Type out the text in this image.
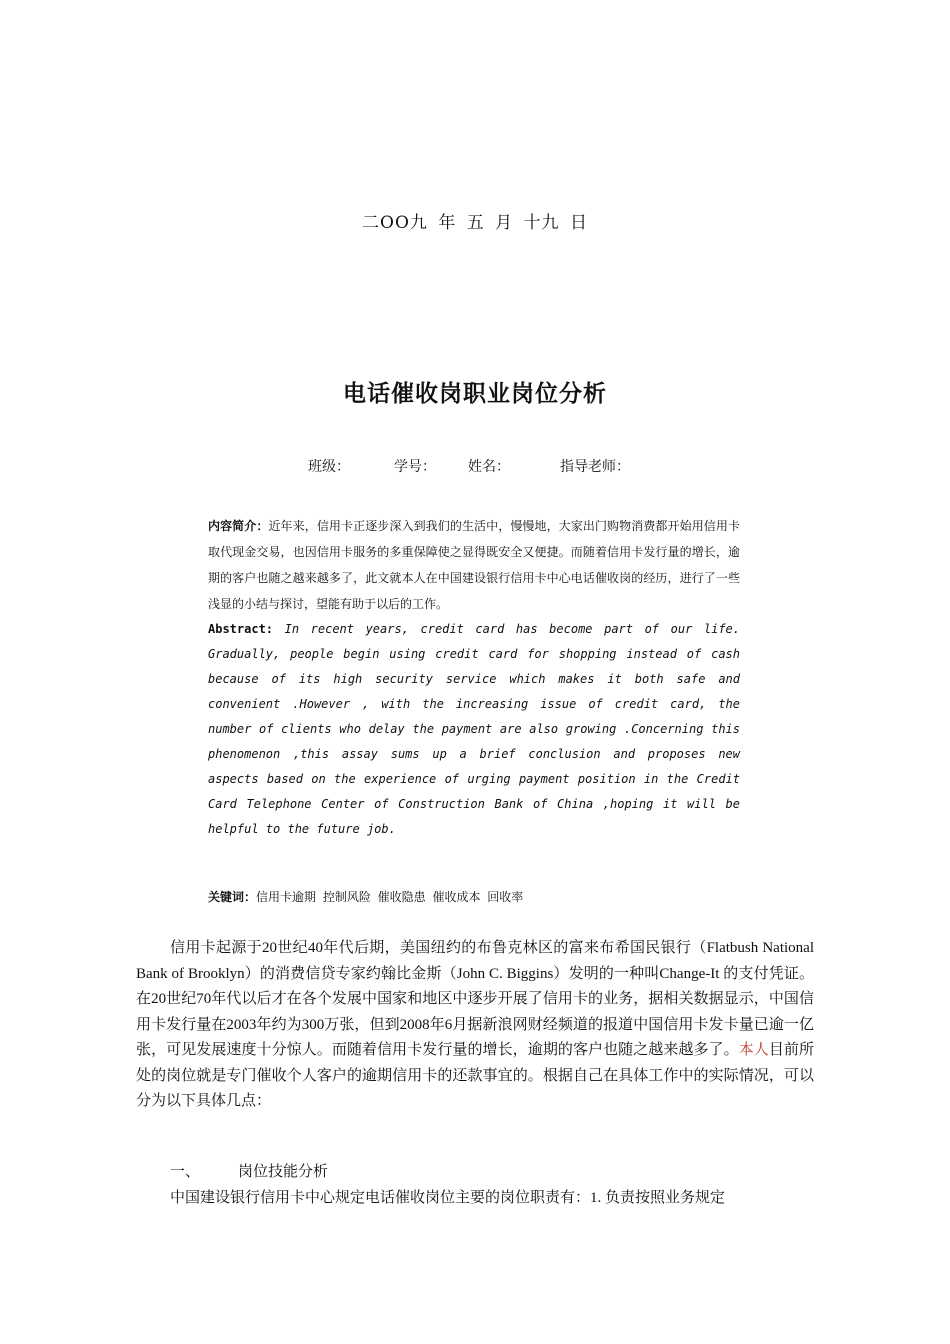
二OO九 年 五 月 十九 日
电话催收岗职业岗位分析
班级：	学号： 姓名：	指导老师：
内容简介：近年来，信用卡正逐步深入到我们的生活中，慢慢地，大家出门购物消费都开始用信用卡取代现金交易，也因信用卡服务的多重保障使之显得既安全又便捷。而随着信用卡发行量的增长，逾期的客户也随之越来越多了，此文就本人在中国建设银行信用卡中心电话催收岗的经历，进行了一些浅显的小结与探讨，望能有助于以后的工作。
Abstract: In recent years, credit card has become part of our life. Gradually, people begin using credit card for shopping instead of cash because of its high security service which makes it both safe and convenient .However , with the increasing issue of credit card, the number of clients who delay the payment are also growing .Concerning this phenomenon ,this assay sums up a brief conclusion and proposes new aspects based on the experience of urging payment position in the Credit Card Telephone Center of Construction Bank of China ,hoping it will be helpful to the future job.
关键词：信用卡逾期 控制风险 催收隐患 催收成本 回收率

信用卡起源于20世纪40年代后期，美国纽约的布鲁克林区的富来布希国民银行（Flatbush National Bank of Brooklyn）的消费信贷专家约翰比金斯（John C. Biggins）发明的一种叫Change-It 的支付凭证。在20世纪70年代以后才在各个发展中国家和地区中逐步开展了信用卡的业务，据相关数据显示，中国信用卡发行量在2003年约为300万张，但到2008年6月据新浪网财经频道的报道中国信用卡发卡量已逾一亿张，可见发展速度十分惊人。而随着信用卡发行量的增长，逾期的客户也随之越来越多了。本人目前所处的岗位就是专门催收个人客户的逾期信用卡的还款事宜的。根据自己在具体工作中的实际情况，可以分为以下具体几点：

一、	岗位技能分析
中国建设银行信用卡中心规定电话催收岗位主要的岗位职责有：1. 负责按照业务规定
